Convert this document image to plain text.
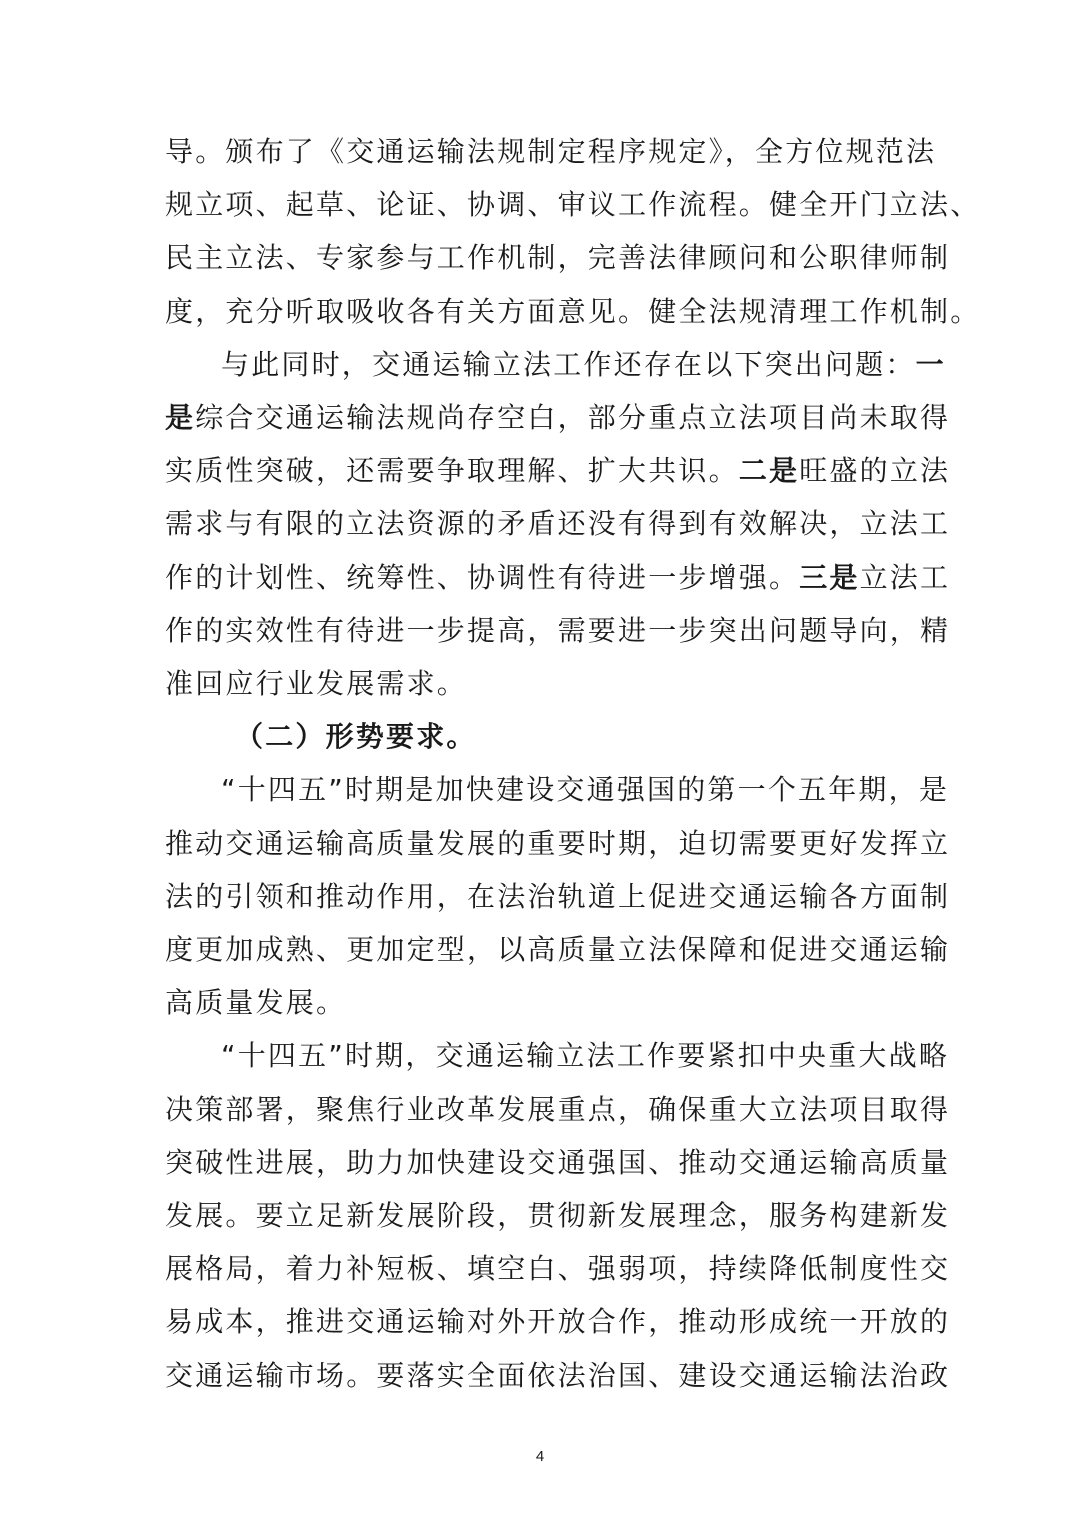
导。颁布了《交通运输法规制定程序规定》，全方位规范法
规立项、起草、论证、协调、审议工作流程。健全开门立法、
民主立法、专家参与工作机制，完善法律顾问和公职律师制
度，充分听取吸收各有关方面意见。健全法规清理工作机制。
与此同时，交通运输立法工作还存在以下突出问题：一
是综合交通运输法规尚存空白，部分重点立法项目尚未取得
实质性突破，还需要争取理解、扩大共识。二是旺盛的立法
需求与有限的立法资源的矛盾还没有得到有效解决，立法工
作的计划性、统筹性、协调性有待进一步增强。三是立法工
作的实效性有待进一步提高，需要进一步突出问题导向，精
准回应行业发展需求。
（二）形势要求。
“十四五”时期是加快建设交通强国的第一个五年期，是
推动交通运输高质量发展的重要时期，迫切需要更好发挥立
法的引领和推动作用，在法治轨道上促进交通运输各方面制
度更加成熟、更加定型，以高质量立法保障和促进交通运输
高质量发展。
“十四五”时期，交通运输立法工作要紧扣中央重大战略
决策部署，聚焦行业改革发展重点，确保重大立法项目取得
突破性进展，助力加快建设交通强国、推动交通运输高质量
发展。要立足新发展阶段，贯彻新发展理念，服务构建新发
展格局，着力补短板、填空白、强弱项，持续降低制度性交
易成本，推进交通运输对外开放合作，推动形成统一开放的
交通运输市场。要落实全面依法治国、建设交通运输法治政
4
